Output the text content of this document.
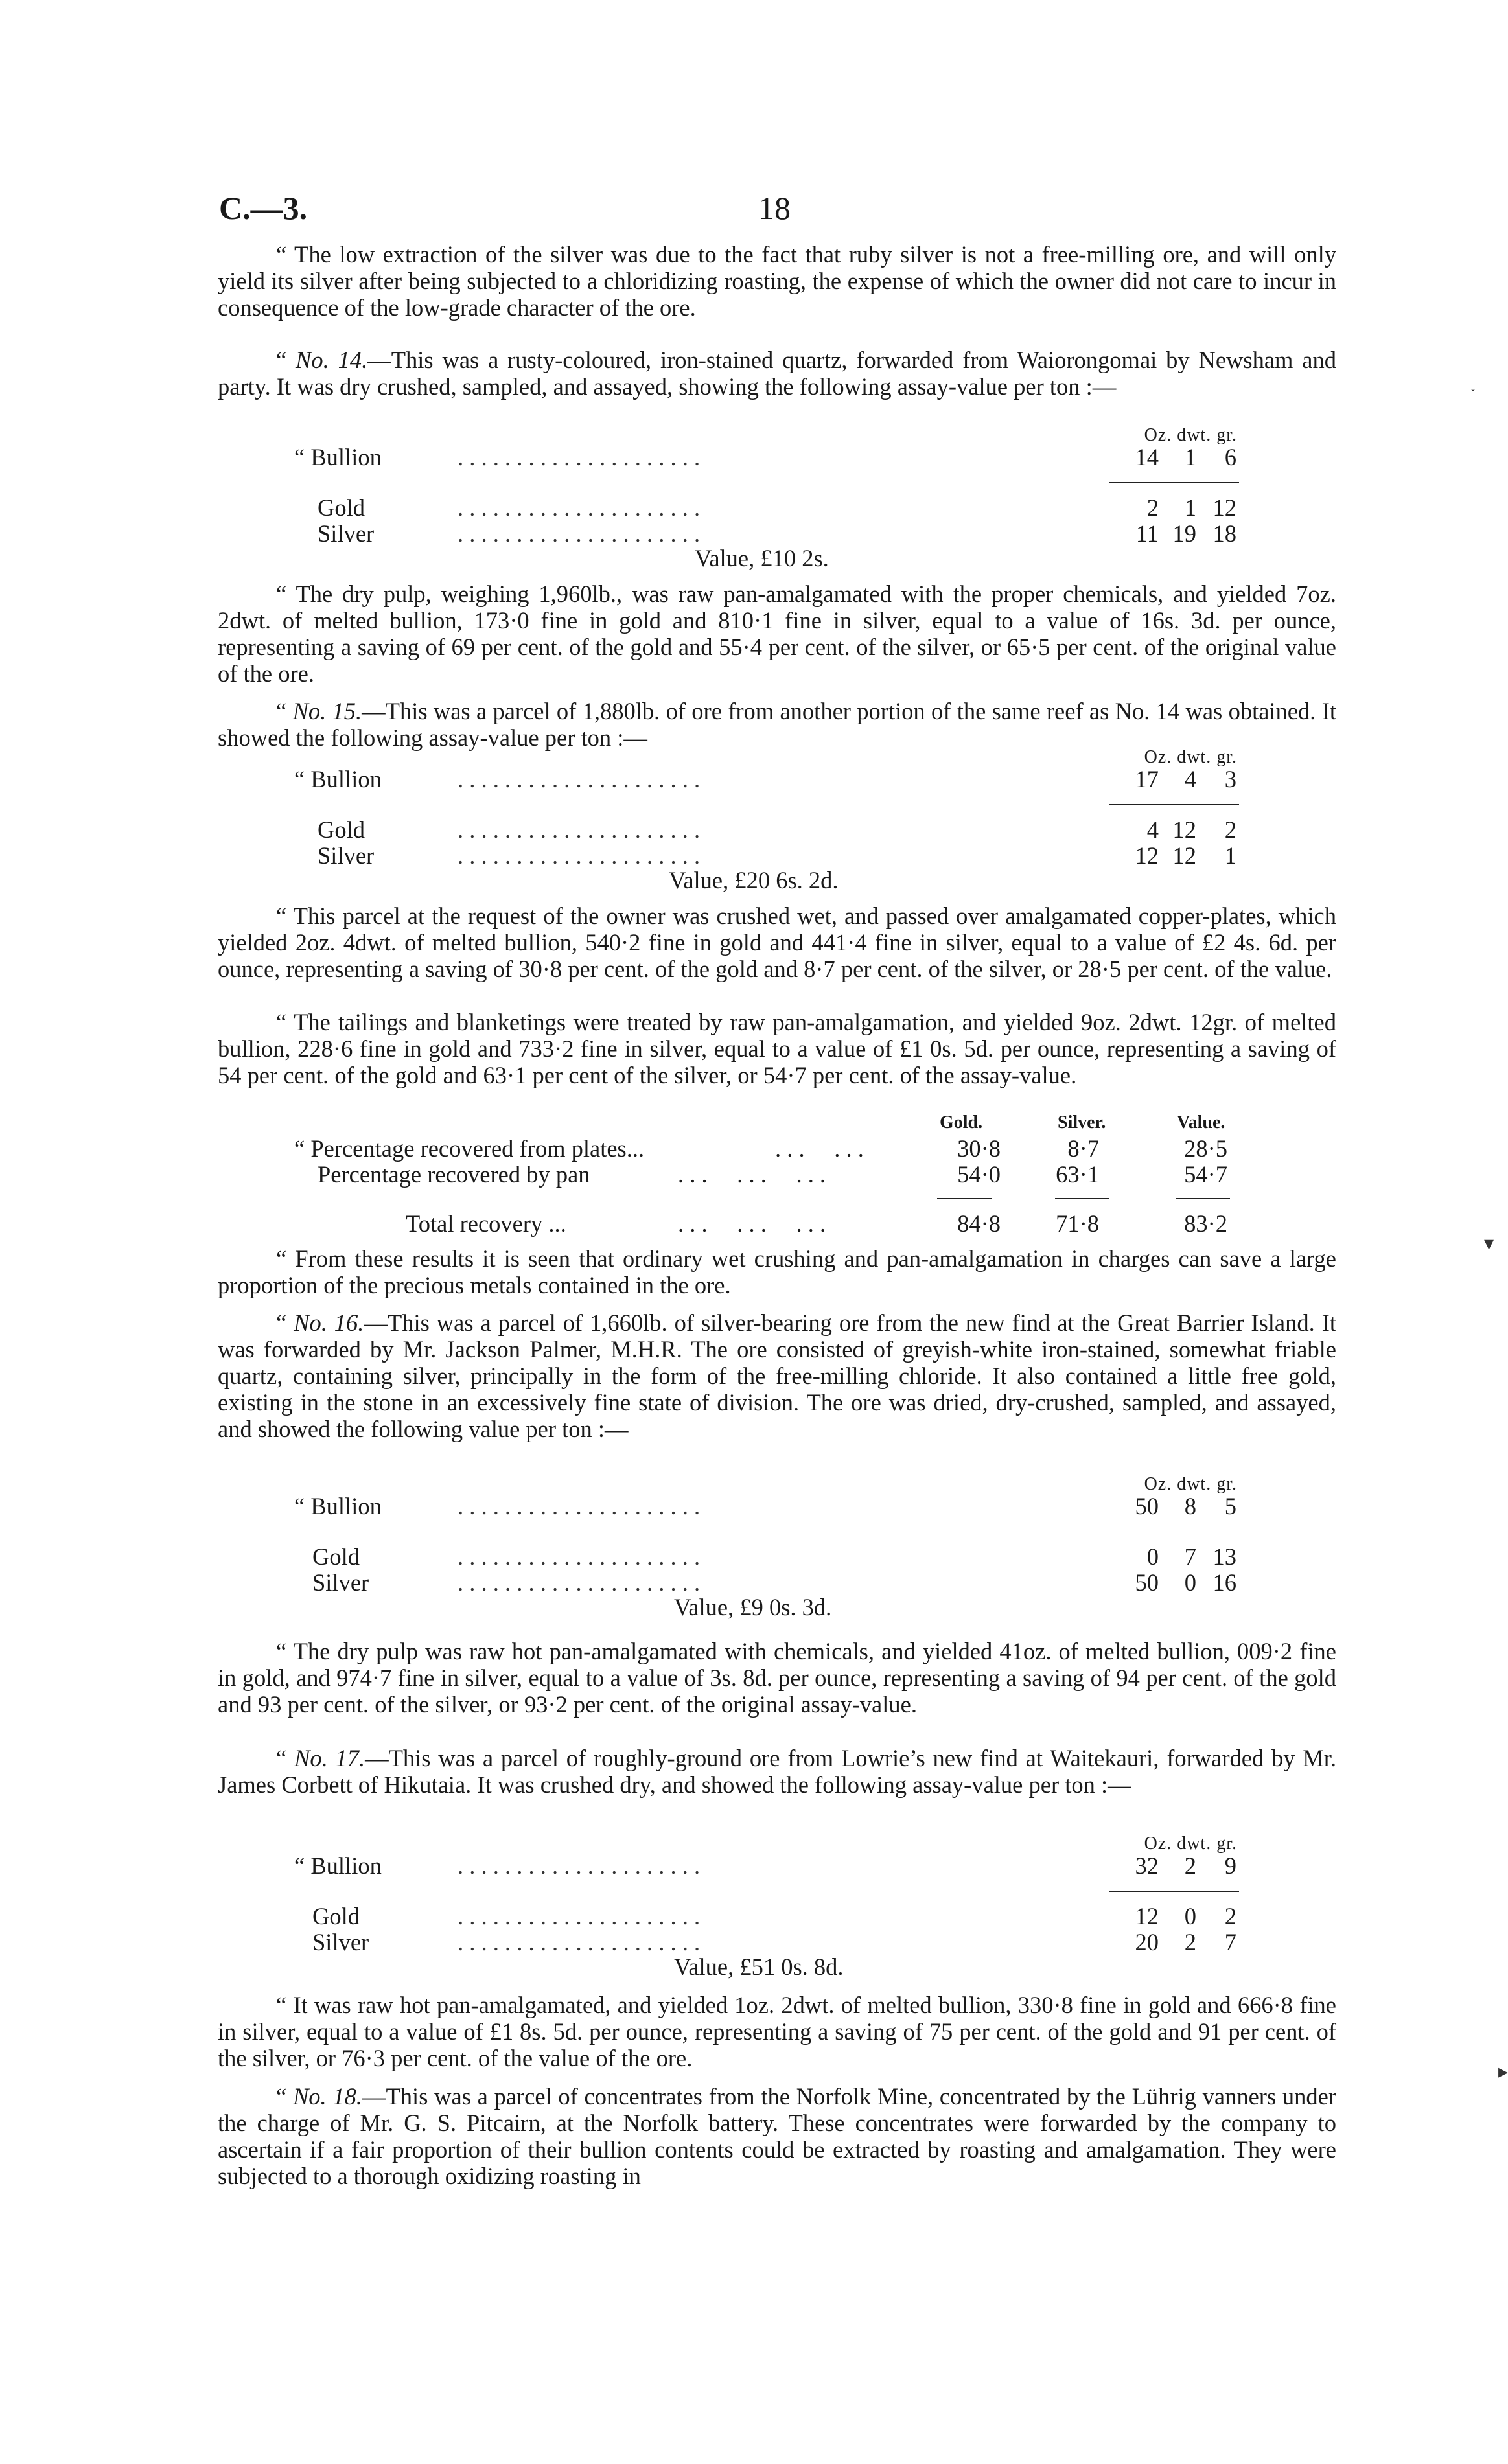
C.—3.	18

“ The low extraction of the silver was due to the fact that ruby silver is not a free-milling ore, and will only yield its silver after being subjected to a chloridizing roasting, the expense of which the owner did not care to incur in consequence of the low-grade character of the ore.

“ No. 14.—This was a rusty-coloured, iron-stained quartz, forwarded from Waiorongomai by Newsham and party. It was dry crushed, sampled, and assayed, showing the following assay-value per ton :—

Oz. dwt. gr.
“ Bullion	. . . . . . . . . . . . . . . . . . . . .	14 1 6
Gold	. . . . . . . . . . . . . . . . . . . . .	2 1 12
Silver	. . . . . . . . . . . . . . . . . . . . .	11 19 18
Value, £10 2s.

“ The dry pulp, weighing 1,960lb., was raw pan-amalgamated with the proper chemicals, and yielded 7oz. 2dwt. of melted bullion, 173·0 fine in gold and 810·1 fine in silver, equal to a value of 16s. 3d. per ounce, representing a saving of 69 per cent. of the gold and 55·4 per cent. of the silver, or 65·5 per cent. of the original value of the ore.

“ No. 15.—This was a parcel of 1,880lb. of ore from another portion of the same reef as No. 14 was obtained. It showed the following assay-value per ton :—

Oz. dwt. gr.
“ Bullion	. . . . . . . . . . . . . . . . . . . . .	17 4 3
Gold	. . . . . . . . . . . . . . . . . . . . .	4 12 2
Silver	. . . . . . . . . . . . . . . . . . . . .	12 12 1
Value, £20 6s. 2d.

“ This parcel at the request of the owner was crushed wet, and passed over amalgamated copper-plates, which yielded 2oz. 4dwt. of melted bullion, 540·2 fine in gold and 441·4 fine in silver, equal to a value of £2 4s. 6d. per ounce, representing a saving of 30·8 per cent. of the gold and 8·7 per cent. of the silver, or 28·5 per cent. of the value.

“ The tailings and blanketings were treated by raw pan-amalgamation, and yielded 9oz. 2dwt. 12gr. of melted bullion, 228·6 fine in gold and 733·2 fine in silver, equal to a value of £1 0s. 5d. per ounce, representing a saving of 54 per cent. of the gold and 63·1 per cent of the silver, or 54·7 per cent. of the assay-value.

Gold.	Silver.	Value.
“ Percentage recovered from plates...	. . .     . . .	30·8	8·7	28·5
Percentage recovered by pan	. . .     . . .     . . .	54·0 63·1	54·7
Total recovery ...	. . .     . . .     . . .	84·8 71·8	83·2

“ From these results it is seen that ordinary wet crushing and pan-amalgamation in charges can save a large proportion of the precious metals contained in the ore.

“ No. 16.—This was a parcel of 1,660lb. of silver-bearing ore from the new find at the Great Barrier Island. It was forwarded by Mr. Jackson Palmer, M.H.R. The ore consisted of greyish-white iron-stained, somewhat friable quartz, containing silver, principally in the form of the free-milling chloride. It also contained a little free gold, existing in the stone in an excessively fine state of division. The ore was dried, dry-crushed, sampled, and assayed, and showed the following value per ton :—

Oz. dwt. gr.
“ Bullion	. . . . . . . . . . . . . . . . . . . . .	50 8 5
Gold	. . . . . . . . . . . . . . . . . . . . .	0 7 13
Silver	. . . . . . . . . . . . . . . . . . . . .	50 0 16
Value, £9 0s. 3d.

“ The dry pulp was raw hot pan-amalgamated with chemicals, and yielded 41oz. of melted bullion, 009·2 fine in gold, and 974·7 fine in silver, equal to a value of 3s. 8d. per ounce, representing a saving of 94 per cent. of the gold and 93 per cent. of the silver, or 93·2 per cent. of the original assay-value.

“ No. 17.—This was a parcel of roughly-ground ore from Lowrie’s new find at Waitekauri, forwarded by Mr. James Corbett of Hikutaia. It was crushed dry, and showed the following assay-value per ton :—

Oz. dwt. gr.
“ Bullion	. . . . . . . . . . . . . . . . . . . . .	32 2 9
Gold	. . . . . . . . . . . . . . . . . . . . .	12 0 2
Silver	. . . . . . . . . . . . . . . . . . . . .	20 2 7
Value, £51 0s. 8d.

“ It was raw hot pan-amalgamated, and yielded 1oz. 2dwt. of melted bullion, 330·8 fine in gold and 666·8 fine in silver, equal to a value of £1 8s. 5d. per ounce, representing a saving of 75 per cent. of the gold and 91 per cent. of the silver, or 76·3 per cent. of the value of the ore.

“ No. 18.—This was a parcel of concentrates from the Norfolk Mine, concentrated by the Lührig vanners under the charge of Mr. G. S. Pitcairn, at the Norfolk battery. These concentrates were forwarded by the company to ascertain if a fair proportion of their bullion contents could be extracted by roasting and amalgamation. They were subjected to a thorough oxidizing roasting in

˯
▾
▸
